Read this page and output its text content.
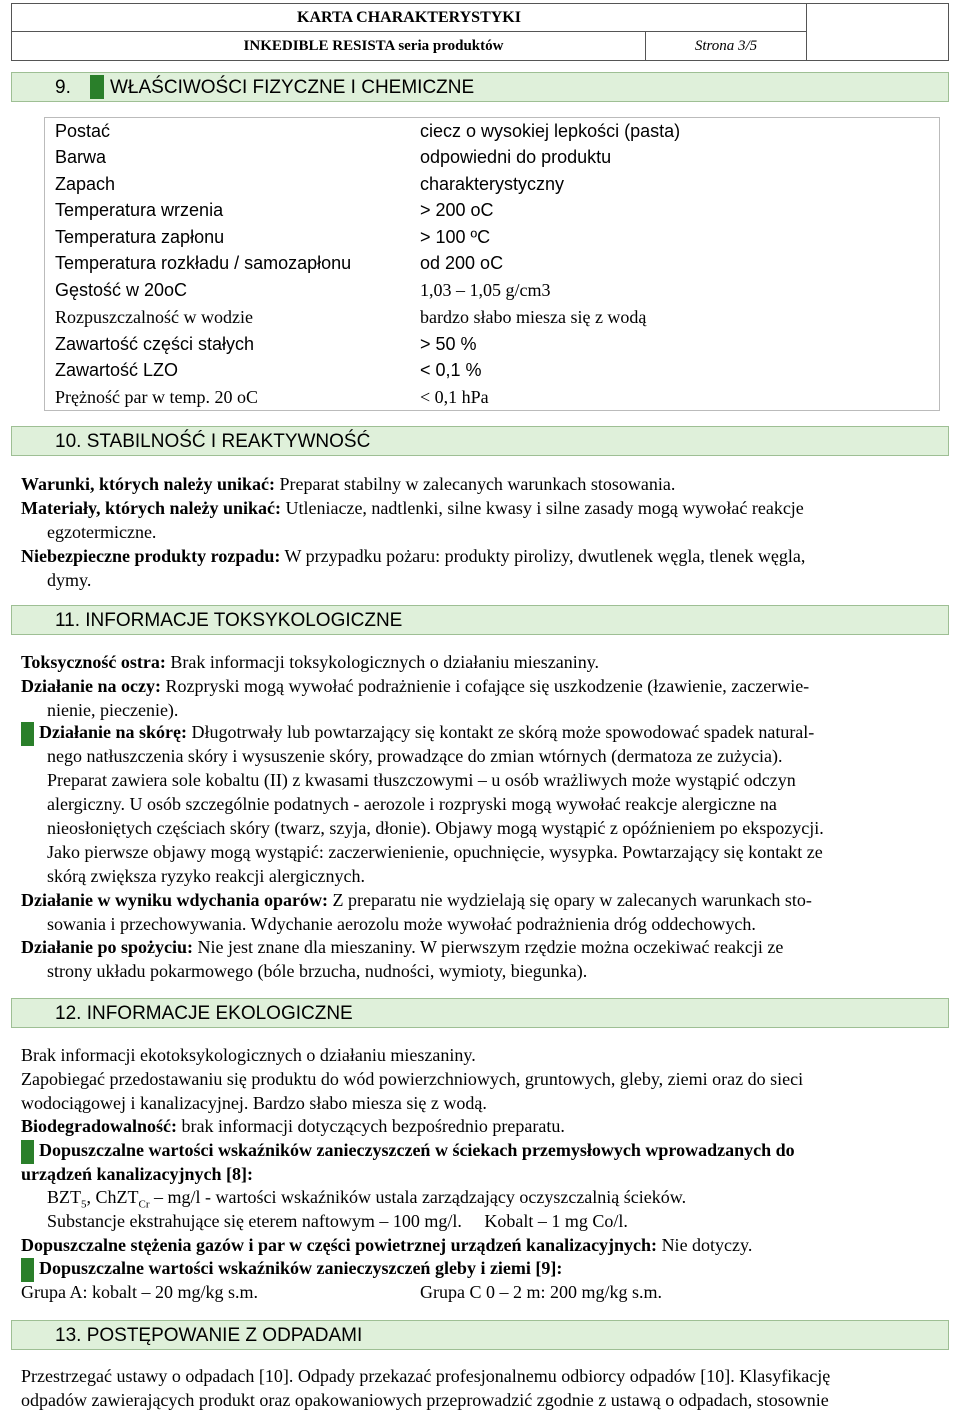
KARTA CHARAKTERYSTYKI
INKEDIBLE RESISTA seria produktów	Strona 3/5

9. WŁAŚCIWOŚCI FIZYCZNE I CHEMICZNE
Postać	ciecz o wysokiej lepkości (pasta)
Barwa	odpowiedni do produktu
Zapach	charakterystyczny
Temperatura wrzenia	> 200 oC
Temperatura zapłonu	> 100 ºC
Temperatura rozkładu / samozapłonu	od 200 oC
Gęstość w 20oC	1,03 – 1,05 g/cm3
Rozpuszczalność w wodzie	bardzo słabo miesza się z wodą
Zawartość części stałych	> 50 %
Zawartość LZO	< 0,1 %
Prężność par w temp. 20 oC	< 0,1 hPa
10. STABILNOŚĆ I REAKTYWNOŚĆ
Warunki, których należy unikać: Preparat stabilny w zalecanych warunkach stosowania.
Materiały, których należy unikać: Utleniacze, nadtlenki, silne kwasy i silne zasady mogą wywołać reakcje
egzotermiczne.
Niebezpieczne produkty rozpadu: W przypadku pożaru: produkty pirolizy, dwutlenek węgla, tlenek węgla,
dymy.
11. INFORMACJE TOKSYKOLOGICZNE
Toksyczność ostra: Brak informacji toksykologicznych o działaniu mieszaniny.
Działanie na oczy: Rozpryski mogą wywołać podrażnienie i cofające się uszkodzenie (łzawienie, zaczerwie-
nienie, pieczenie).
Działanie na skórę: Długotrwały lub powtarzający się kontakt ze skórą może spowodować spadek natural-
nego natłuszczenia skóry i wysuszenie skóry, prowadzące do zmian wtórnych (dermatoza ze zużycia).
Preparat zawiera sole kobaltu (II) z kwasami tłuszczowymi – u osób wrażliwych może wystąpić odczyn
alergiczny. U osób szczególnie podatnych - aerozole i rozpryski mogą wywołać reakcje alergiczne na
nieosłoniętych częściach skóry (twarz, szyja, dłonie). Objawy mogą wystąpić z opóźnieniem po ekspozycji.
Jako pierwsze objawy mogą wystąpić: zaczerwienienie, opuchnięcie, wysypka. Powtarzający się kontakt ze
skórą zwiększa ryzyko reakcji alergicznych.
Działanie w wyniku wdychania oparów: Z preparatu nie wydzielają się opary w zalecanych warunkach sto-
sowania i przechowywania. Wdychanie aerozolu może wywołać podrażnienia dróg oddechowych.
Działanie po spożyciu: Nie jest znane dla mieszaniny. W pierwszym rzędzie można oczekiwać reakcji ze
strony układu pokarmowego (bóle brzucha, nudności, wymioty, biegunka).
12. INFORMACJE EKOLOGICZNE
Brak informacji ekotoksykologicznych o działaniu mieszaniny.
Zapobiegać przedostawaniu się produktu do wód powierzchniowych, gruntowych, gleby, ziemi oraz do sieci
wodociągowej i kanalizacyjnej. Bardzo słabo miesza się z wodą.
Biodegradowalność: brak informacji dotyczących bezpośrednio preparatu.
Dopuszczalne wartości wskaźników zanieczyszczeń w ściekach przemysłowych wprowadzanych do
urządzeń kanalizacyjnych [8]:
$BZT_5$, ChZT$_{Cr}$ – mg/l - wartości wskaźników ustala zarządzający oczyszczalnią ścieków.
Substancje ekstrahujące się eterem naftowym – 100 mg/l.     Kobalt – 1 mg Co/l.
Dopuszczalne stężenia gazów i par w części powietrznej urządzeń kanalizacyjnych: Nie dotyczy.
Dopuszczalne wartości wskaźników zanieczyszczeń gleby i ziemi [9]:
Grupa A: kobalt – 20 mg/kg s.m.	Grupa C 0 – 2 m: 200 mg/kg s.m.
13. POSTĘPOWANIE Z ODPADAMI
Przestrzegać ustawy o odpadach [10]. Odpady przekazać profesjonalnemu odbiorcy odpadów [10]. Klasyfikację
odpadów zawierających produkt oraz opakowaniowych przeprowadzić zgodnie z ustawą o odpadach, stosownie
